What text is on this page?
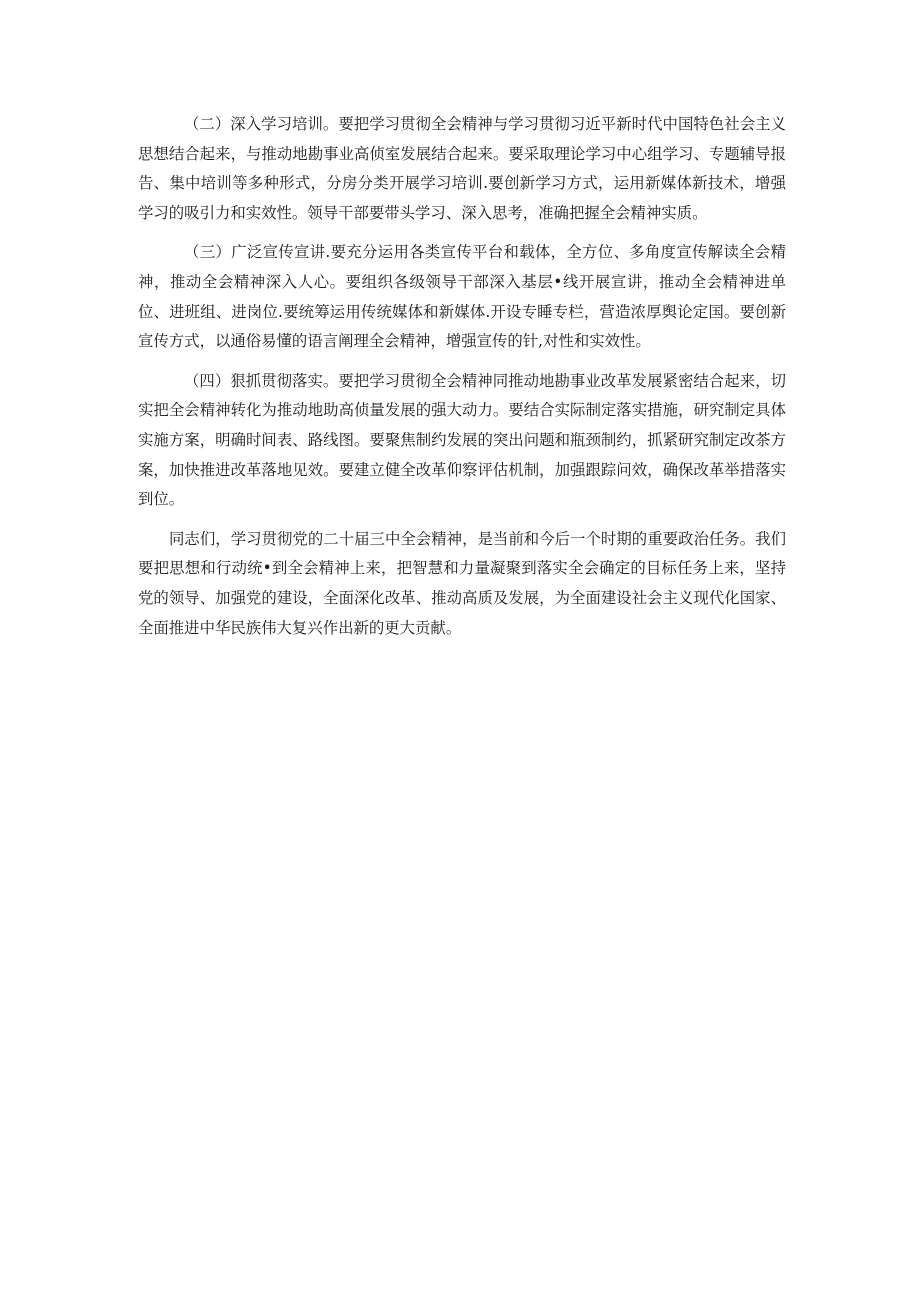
（二）深入学习培训。要把学习贯彻全会精神与学习贯彻习近平新时代中国特色社会主义思想结合起来，与推动地勘事业高侦室发展结合起来。要采取理论学习中心组学习、专题辅导报告、集中培训等多种形式，分房分类开展学习培训.要创新学习方式，运用新媒体新技术，增强学习的吸引力和实效性。领导干部要带头学习、深入思考，准确把握全会精神实质。

（三）广泛宣传宣讲.要充分运用各类宣传平台和载体，全方位、多角度宣传解读全会精神，推动全会精神深入人心。要组织各级领导干部深入基层•线开展宣讲，推动全会精神进单位、进班组、进岗位.要统筹运用传统媒体和新媒体.开设专睡专栏，营造浓厚舆论定国。要创新宣传方式，以通俗易懂的语言阐理全会精神，增强宣传的针,对性和实效性。

（四）狠抓贯彻落实。要把学习贯彻全会精神同推动地勘事业改革发展紧密结合起来，切实把全会精神转化为推动地助高侦量发展的强大动力。要结合实际制定落实措施，研究制定具体实施方案，明确时间表、路线图。要聚焦制约发展的突出问题和瓶颈制约，抓紧研究制定改茶方案，加快推进改革落地见效。要建立健全改革仰察评估机制，加强跟踪问效，确保改革举措落实到位。

同志们，学习贯彻党的二十届三中全会精神，是当前和今后一个时期的重要政治任务。我们要把思想和行动统•到全会精神上来，把智慧和力量凝聚到落实全会确定的目标任务上来，坚持党的领导、加强党的建设，全面深化改革、推动高质及发展，为全面建设社会主义现代化国家、全面推进中华民族伟大复兴作出新的更大贡献。
